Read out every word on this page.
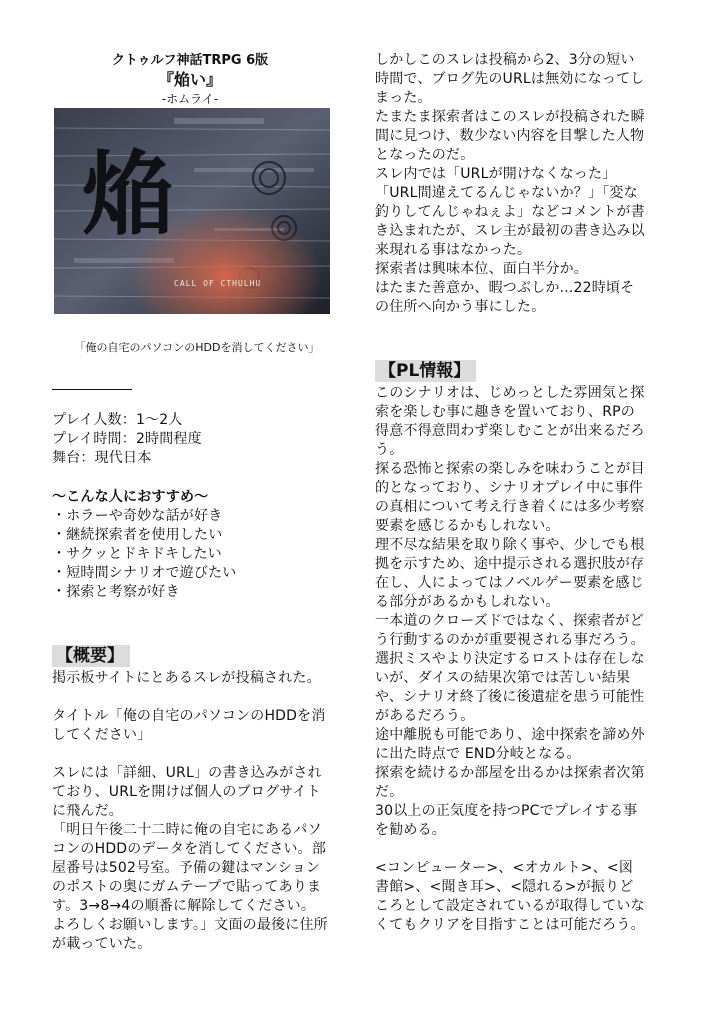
クトゥルフ神話TRPG 6版
『焔い』
-ホムライ-
焔
CALL OF CTHULHU
「俺の自宅のパソコンのHDDを消してください」

プレイ人数：1〜2人

プレイ時間：2時間程度

舞台：現代日本

〜こんな人におすすめ〜

・ホラーや奇妙な話が好き

・継続探索者を使用したい

・サクッとドキドキしたい

・短時間シナリオで遊びたい

・探索と考察が好き

【概要】

掲示板サイトにとあるスレが投稿された。

タイトル「俺の自宅のパソコンのHDDを消してください」

スレには「詳細、URL」の書き込みがされており、URLを開けば個人のブログサイトに飛んだ。

「明日午後二十二時に俺の自宅にあるパソコンのHDDのデータを消してください。部屋番号は502号室。予備の鍵はマンションのポストの奥にガムテープで貼ってあります。3→8→4の順番に解除してください。よろしくお願いします。」文面の最後に住所が載っていた。

しかしこのスレは投稿から2、3分の短い時間で、ブログ先のURLは無効になってしまった。

たまたま探索者はこのスレが投稿された瞬間に見つけ、数少ない内容を目撃した人物となったのだ。

スレ内では「URLが開けなくなった」「URL間違えてるんじゃないか？」「変な釣りしてんじゃねぇよ」などコメントが書き込まれたが、スレ主が最初の書き込み以来現れる事はなかった。

探索者は興味本位、面白半分か。

はたまた善意か、暇つぶしか...22時頃その住所へ向かう事にした。

【PL情報】

このシナリオは、じめっとした雰囲気と探索を楽しむ事に趣きを置いており、RPの得意不得意問わず楽しむことが出来るだろう。

探る恐怖と探索の楽しみを味わうことが目的となっており、シナリオプレイ中に事件の真相について考え行き着くには多少考察要素を感じるかもしれない。

理不尽な結果を取り除く事や、少しでも根拠を示すため、途中提示される選択肢が存在し、人によってはノベルゲー要素を感じる部分があるかもしれない。

一本道のクローズドではなく、探索者がどう行動するのかが重要視される事だろう。

選択ミスやより決定するロストは存在しないが、ダイスの結果次第では苦しい結果や、シナリオ終了後に後遺症を患う可能性があるだろう。

途中離脱も可能であり、途中探索を諦め外に出た時点で END分岐となる。

探索を続けるか部屋を出るかは探索者次第だ。

30以上の正気度を持つPCでプレイする事を勧める。

<コンピューター>、<オカルト>、<図書館>、<聞き耳>、<隠れる>が振りどころとして設定されているが取得していなくてもクリアを目指すことは可能だろう。
